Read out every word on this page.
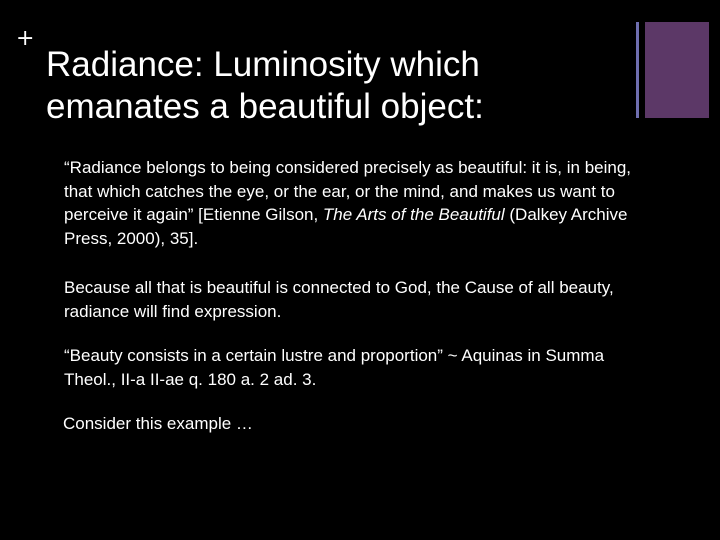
+
Radiance: Luminosity which emanates a beautiful object:

“Radiance belongs to being considered precisely as beautiful: it is, in being, that which catches the eye, or the ear, or the mind, and makes us want to perceive it again” [Etienne Gilson, The Arts of the Beautiful (Dalkey Archive Press, 2000), 35].

Because all that is beautiful is connected to God, the Cause of all beauty, radiance will find expression.

“Beauty consists in a certain lustre and proportion” ~ Aquinas in Summa Theol., II-a II-ae q. 180 a. 2 ad. 3.

Consider this example …
